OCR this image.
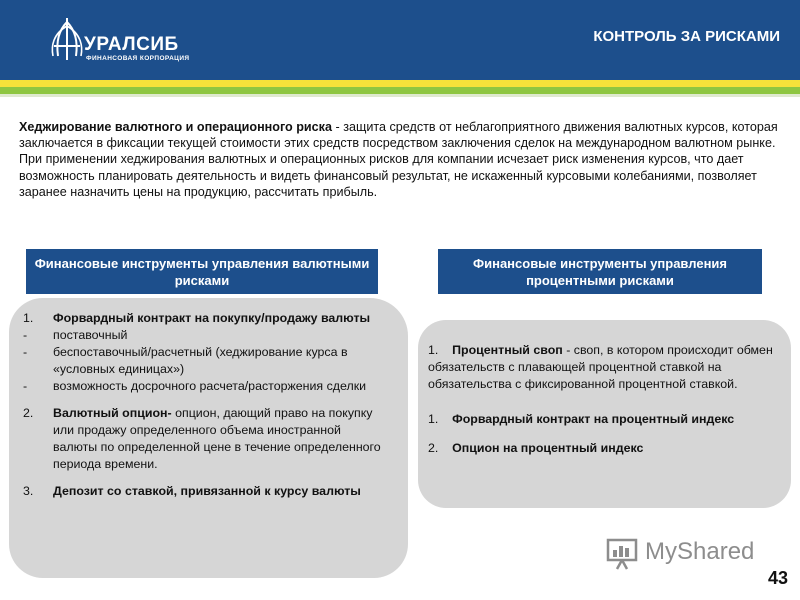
УРАЛСИБ
ФИНАНСОВАЯ КОРПОРАЦИЯ
КОНТРОЛЬ ЗА РИСКАМИ

Хеджирование валютного и операционного риска - защита средств от неблагоприятного движения валютных курсов, которая заключается в фиксации текущей стоимости этих средств посредством заключения сделок на международном валютном рынке.

При применении хеджирования валютных и операционных рисков для компании исчезает риск изменения курсов, что дает возможность планировать деятельность и видеть финансовый результат, не искаженный курсовыми колебаниями, позволяет заранее назначить цены на продукцию, рассчитать прибыль.

Финансовые инструменты управления валютными рисками
Финансовые инструменты управления процентными рисками
1.	Форвардный контракт на покупку/продажу валюты
-	поставочный
-	беспоставочный/расчетный (хеджирование курса в «условных единицах»)
-	возможность досрочного расчета/расторжения сделки
2.	Валютный опцион- опцион, дающий право на покупку или продажу определенного объема иностранной валюты по определенной цене в течение определенного периода времени.
3.	Депозит со ставкой, привязанной к курсу валюты
1. Процентный своп - своп, в котором происходит обмен обязательств с плавающей процентной ставкой на обязательства с фиксированной процентной ставкой.
1. Форвардный контракт на процентный индекс
2. Опцион на процентный индекс
MyShared
43
